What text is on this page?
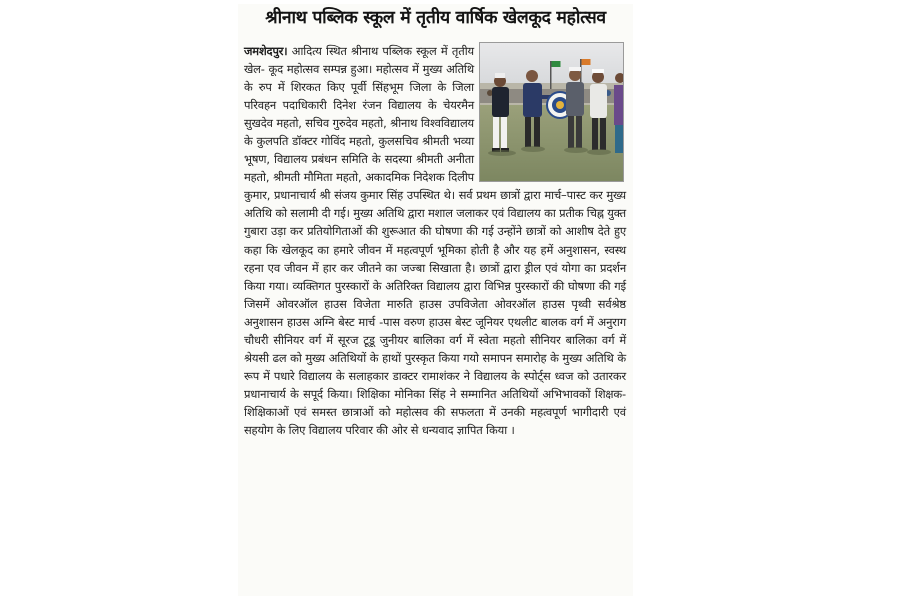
श्रीनाथ पब्लिक स्कूल में तृतीय वार्षिक खेलकूद महोत्सव
जमशेदपुर। आदित्य स्थित श्रीनाथ पब्लिक स्कूल में तृतीय खेल- कूद महोत्सव सम्पन्न हुआ। महोत्सव में मुख्य अतिथि के रुप में शिरकत किए पूर्वी सिंहभूम जिला के जिला परिवहन पदाधिकारी दिनेश रंजन विद्यालय के चेयरमैन सुखदेव महतो, सचिव गुरुदेव महतो, श्रीनाथ विश्वविद्यालय के कुलपति डॉक्टर गोविंद महतो, कुलसचिव श्रीमती भव्या भूषण, विद्यालय प्रबंधन समिति के सदस्या श्रीमती अनीता महतो, श्रीमती मौमिता महतो, अकादमिक निदेशक दिलीप कुमार, प्रधानाचार्य श्री संजय कुमार सिंह उपस्थित थे। सर्व प्रथम छात्रों द्वारा मार्च–पास्ट कर मुख्य अतिथि को सलामी दी गई। मुख्य अतिथि द्वारा मशाल जलाकर एवं विद्यालय का प्रतीक चिह्न युक्त गुबारा उड़ा कर प्रतियोगिताओं की शुरूआत की घोषणा की गई उन्होंने छात्रों को आशीष देते हुए कहा कि खेलकूद का हमारे जीवन में महत्वपूर्ण भूमिका होती है और यह हमें अनुशासन, स्वस्थ रहना एव जीवन में हार कर जीतने का जज्बा सिखाता है। छात्रों द्वारा ड्रील एवं योगा का प्रदर्शन किया गया। व्यक्तिगत पुरस्कारों के अतिरिक्त विद्यालय द्वारा विभिन्न पुरस्कारों की घोषणा की गई जिसमें ओवरऑल हाउस विजेता मारुति हाउस उपविजेता ओवरऑल हाउस पृथ्वी सर्वश्रेष्ठ अनुशासन हाउस अग्नि बेस्ट मार्च -पास वरुण हाउस बेस्ट जूनियर एथलीट बालक वर्ग में अनुराग चौधरी सीनियर वर्ग में सूरज टूडू जुनीयर बालिका वर्ग में स्वेता महतो सीनियर बालिका वर्ग में श्रेयसी ढल को मुख्य अतिथियों के हाथों पुरस्कृत किया गयो समापन समारोह के मुख्य अतिथि के रूप में पधारे विद्यालय के सलाहकार डाक्टर रामाशंकर ने विद्यालय के स्पोर्ट्स ध्वज को उतारकर प्रधानाचार्य के सपूर्द किया। शिक्षिका मोनिका सिंह ने सम्मानित अतिथियों अभिभावकों शिक्षक- शिक्षिकाओं एवं समस्त छात्राओं को महोत्सव की सफलता में उनकी महत्वपूर्ण भागीदारी एवं सहयोग के लिए विद्यालय परिवार की ओर से धन्यवाद ज्ञापित किया ।
